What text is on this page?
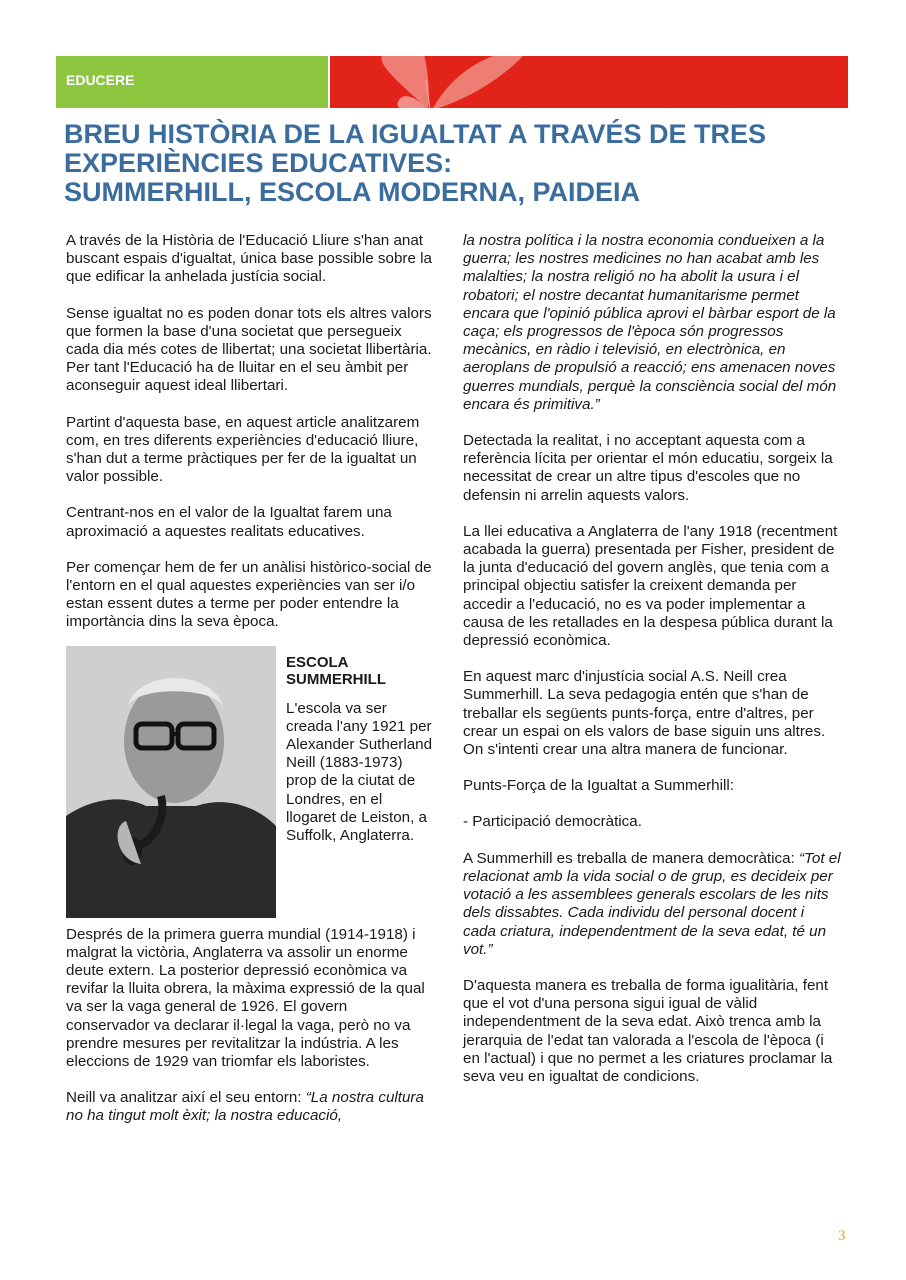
EDUCERE
BREU HISTÒRIA DE LA IGUALTAT A TRAVÉS DE TRES
EXPERIÈNCIES EDUCATIVES:
SUMMERHILL, ESCOLA MODERNA, PAIDEIA

A través de la Història de l'Educació Lliure s'han anat buscant espais d'igualtat, única base possible sobre la que edificar la anhelada justícia social.

Sense igualtat no es poden donar tots els altres valors que formen la base d'una societat que persegueix cada dia més cotes de llibertat; una societat llibertària. Per tant l'Educació ha de lluitar en el seu àmbit per aconseguir aquest ideal llibertari.

Partint d'aquesta base, en aquest article analitzarem com, en tres diferents experiències d'educació lliure, s'han dut a terme pràctiques per fer de la igualtat un valor possible.

Centrant-nos en el valor de la Igualtat farem una aproximació a aquestes realitats educatives.

Per començar hem de fer un anàlisi històrico-social de l'entorn en el qual aquestes experiències van ser i/o estan essent dutes a terme per poder entendre la importància dins la seva època.

ESCOLA SUMMERHILL

L'escola va ser creada l'any 1921 per Alexander Sutherland Neill (1883-1973) prop de la ciutat de Londres, en el llogaret de Leiston, a Suffolk, Anglaterra.

Després de la primera guerra mundial (1914-1918) i malgrat la victòria, Anglaterra va assolir un enorme deute extern. La posterior depressió econòmica va revifar la lluita obrera, la màxima expressió de la qual va ser la vaga general de 1926. El govern conservador va declarar il·legal la vaga, però no va prendre mesures per revitalitzar la indústria. A les eleccions de 1929 van triomfar els laboristes.

Neill va analitzar així el seu entorn: “La nostra cultura no ha tingut molt èxit; la nostra educació,

la nostra política i la nostra economia condueixen a la guerra; les nostres medicines no han acabat amb les malalties; la nostra religió no ha abolit la usura i el robatori; el nostre decantat humanitarisme permet encara que l'opinió pública aprovi el bàrbar esport de la caça; els progressos de l'època són progressos mecànics, en ràdio i televisió, en electrònica, en aeroplans de propulsió a reacció; ens amenacen noves guerres mundials, perquè la consciència social del món encara és primitiva.”

Detectada la realitat, i no acceptant aquesta com a referència lícita per orientar el món educatiu, sorgeix la necessitat de crear un altre tipus d'escoles que no defensin ni arrelin aquests valors.

La llei educativa a Anglaterra de l'any 1918 (recentment acabada la guerra) presentada per Fisher, president de la junta d'educació del govern anglès, que tenia com a principal objectiu satisfer la creixent demanda per accedir a l'educació, no es va poder implementar a causa de les retallades en la despesa pública durant la depressió econòmica.

En aquest marc d'injustícia social A.S. Neill crea Summerhill. La seva pedagogia entén que s'han de treballar els següents punts-força, entre d'altres, per crear un espai on els valors de base siguin uns altres. On s'intenti crear una altra manera de funcionar.

Punts-Força de la Igualtat a Summerhill:

- Participació democràtica.

A Summerhill es treballa de manera democràtica: “Tot el relacionat amb la vida social o de grup, es decideix per votació a les assemblees generals escolars de les nits dels dissabtes. Cada individu del personal docent i cada criatura, independentment de la seva edat, té un vot.”

D'aquesta manera es treballa de forma igualitària, fent que el vot d'una persona sigui igual de vàlid independentment de la seva edat. Això trenca amb la jerarquia de l'edat tan valorada a l'escola de l'època (i en l'actual) i que no permet a les criatures proclamar la seva veu en igualtat de condicions.

3
